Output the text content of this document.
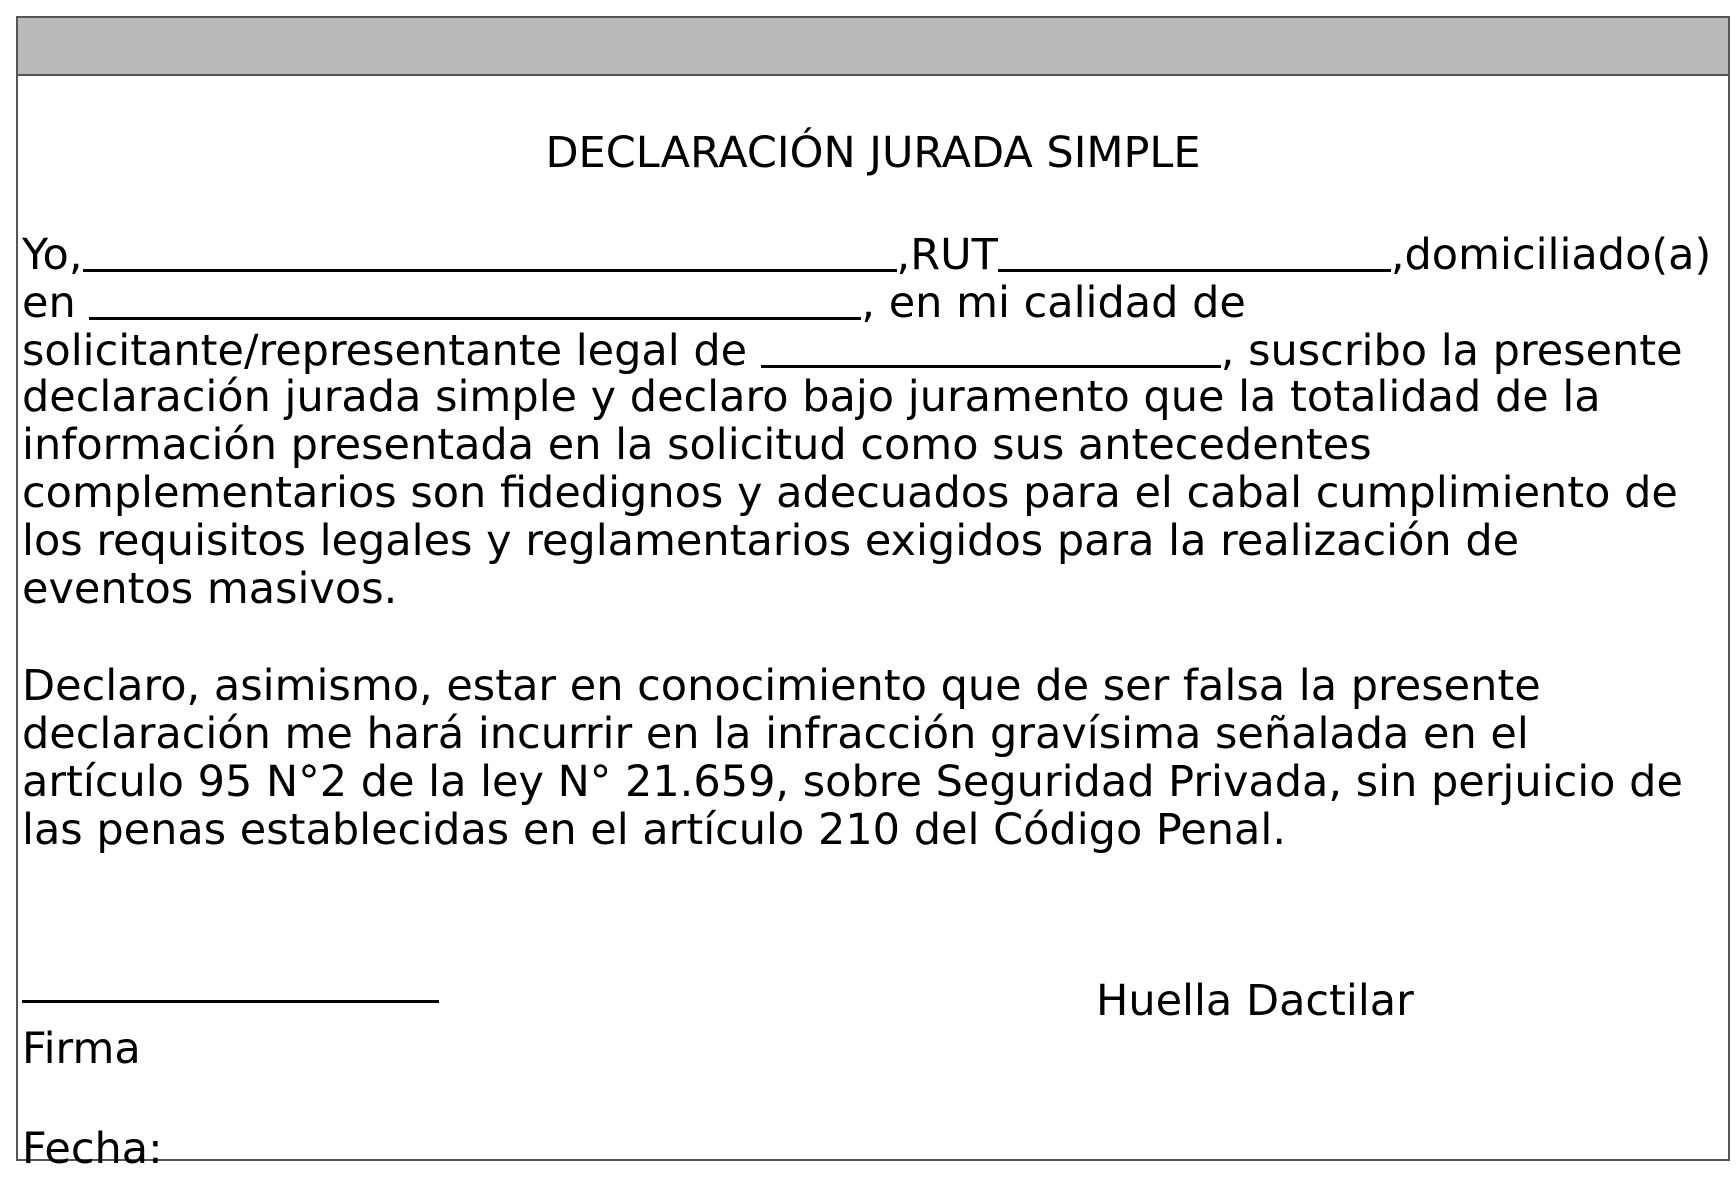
DECLARACIÓN JURADA SIMPLE
Yo,	,RUT	,domiciliado(a)
en	, en mi calidad de
solicitante/representante legal de	, suscribo la presente
declaración jurada simple y declaro bajo juramento que la totalidad de la
información presentada en la solicitud como sus antecedentes
complementarios son fidedignos y adecuados para el cabal cumplimiento de
los requisitos legales y reglamentarios exigidos para la realización de
eventos masivos.
Declaro, asimismo, estar en conocimiento que de ser falsa la presente
declaración me hará incurrir en la infracción gravísima señalada en el
artículo 95 N°2 de la ley N° 21.659, sobre Seguridad Privada, sin perjuicio de
las penas establecidas en el artículo 210 del Código Penal.
Huella Dactilar
Firma
Fecha:
